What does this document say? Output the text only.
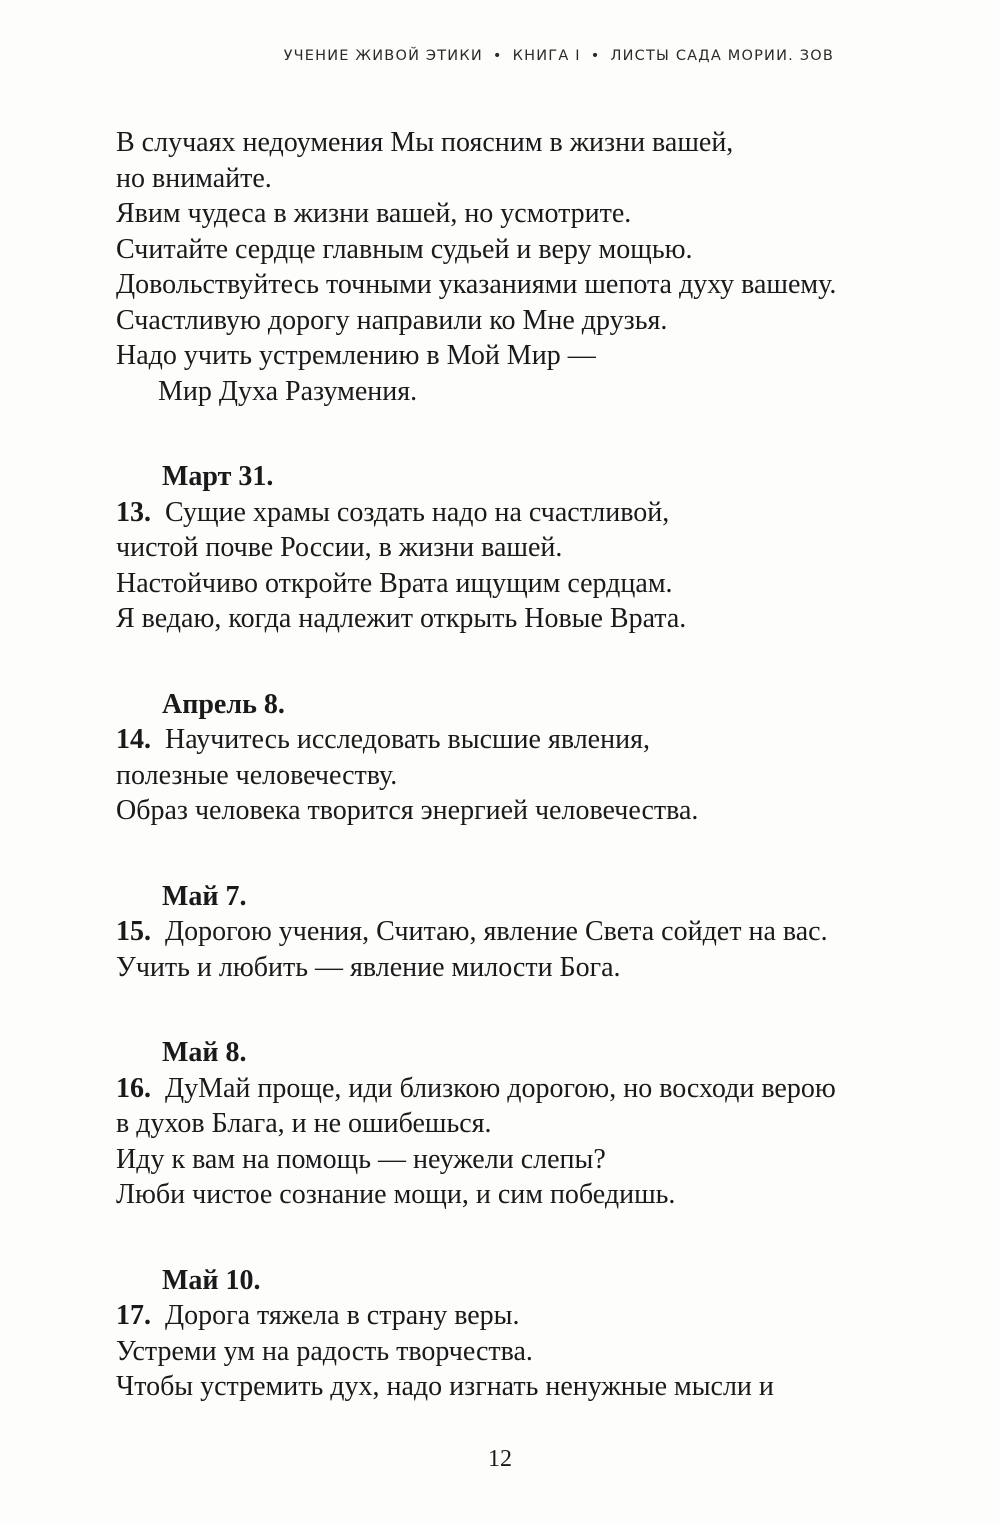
УЧЕНИЕ ЖИВОЙ ЭТИКИ • КНИГА I • ЛИСТЫ САДА МОРИИ. ЗОВ
В случаях недоумения Мы поясним в жизни вашей,
но внимайте.
Явим чудеса в жизни вашей, но усмотрите.
Считайте сердце главным судьей и веру мощью.
Довольствуйтесь точными указаниями шепота духу вашему.
Счастливую дорогу направили ко Мне друзья.
Надо учить устремлению в Мой Мир —
Мир Духа Разумения.
Март 31.
13. Сущие храмы создать надо на счастливой,
чистой почве России, в жизни вашей.
Настойчиво откройте Врата ищущим сердцам.
Я ведаю, когда надлежит открыть Новые Врата.
Апрель 8.
14. Научитесь исследовать высшие явления,
полезные человечеству.
Образ человека творится энергией человечества.
Май 7.
15. Дорогою учения, Считаю, явление Света сойдет на вас.
Учить и любить — явление милости Бога.
Май 8.
16. ДуМай проще, иди близкою дорогою, но восходи верою
в духов Блага, и не ошибешься.
Иду к вам на помощь — неужели слепы?
Люби чистое сознание мощи, и сим победишь.
Май 10.
17. Дорога тяжела в страну веры.
Устреми ум на радость творчества.
Чтобы устремить дух, надо изгнать ненужные мысли и
12
